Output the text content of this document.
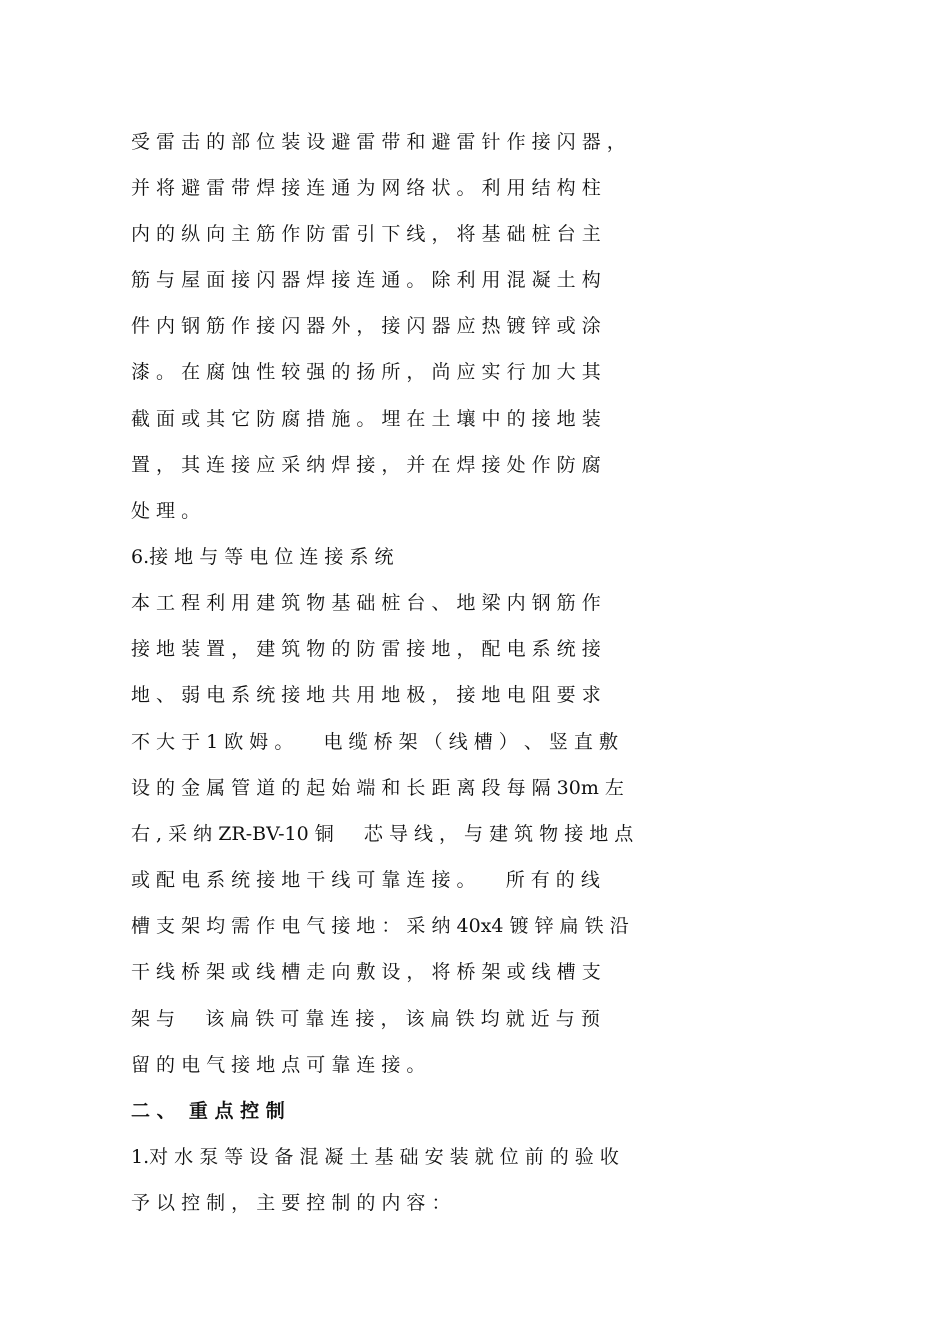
受 雷 击 的 部 位 装 设 避 雷 带 和 避 雷 针 作 接 闪 器 ，
并 将 避 雷 带 焊 接 连 通 为 网 络 状 。 利 用 结 构 柱
内 的 纵 向 主 筋 作 防 雷 引 下 线 ， 将 基 础 桩 台 主
筋 与 屋 面 接 闪 器 焊 接 连 通 。 除 利 用 混 凝 土 构
件 内 钢 筋 作 接 闪 器 外 ， 接 闪 器 应 热 镀 锌 或 涂
漆 。 在 腐 蚀 性 较 强 的 扬 所 ， 尚 应 实 行 加 大 其
截 面 或 其 它 防 腐 措 施 。 埋 在 土 壤 中 的 接 地 装
置 ， 其 连 接 应 采 纳 焊 接 ， 并 在 焊 接 处 作 防 腐
处 理 。
6.接 地 与 等 电 位 连 接 系 统
本 工 程 利 用 建 筑 物 基 础 桩 台 、 地 梁 内 钢 筋 作
接 地 装 置 ， 建 筑 物 的 防 雷 接 地 ， 配 电 系 统 接
地 、 弱 电 系 统 接 地 共 用 地 极 ， 接 地 电 阻 要 求
不 大 于 1 欧 姆 。     电 缆 桥 架 （ 线 槽 ） 、 竖 直 敷
设 的 金 属 管 道 的 起 始 端 和 长 距 离 段 每 隔 30m 左
右 , 采 纳 ZR-BV-10 铜     芯 导 线 ， 与 建 筑 物 接 地 点
或 配 电 系 统 接 地 干 线 可 靠 连 接 。     所 有 的 线
槽 支 架 均 需 作 电 气 接 地 ： 采 纳 40x4 镀 锌 扁 铁 沿
干 线 桥 架 或 线 槽 走 向 敷 设 ， 将 桥 架 或 线 槽 支
架 与     该 扁 铁 可 靠 连 接 ， 该 扁 铁 均 就 近 与 预
留 的 电 气 接 地 点 可 靠 连 接 。
二 、  重 点 控 制
1.对 水 泵 等 设 备 混 凝 土 基 础 安 装 就 位 前 的 验 收
予 以 控 制 ， 主 要 控 制 的 内 容 ：
